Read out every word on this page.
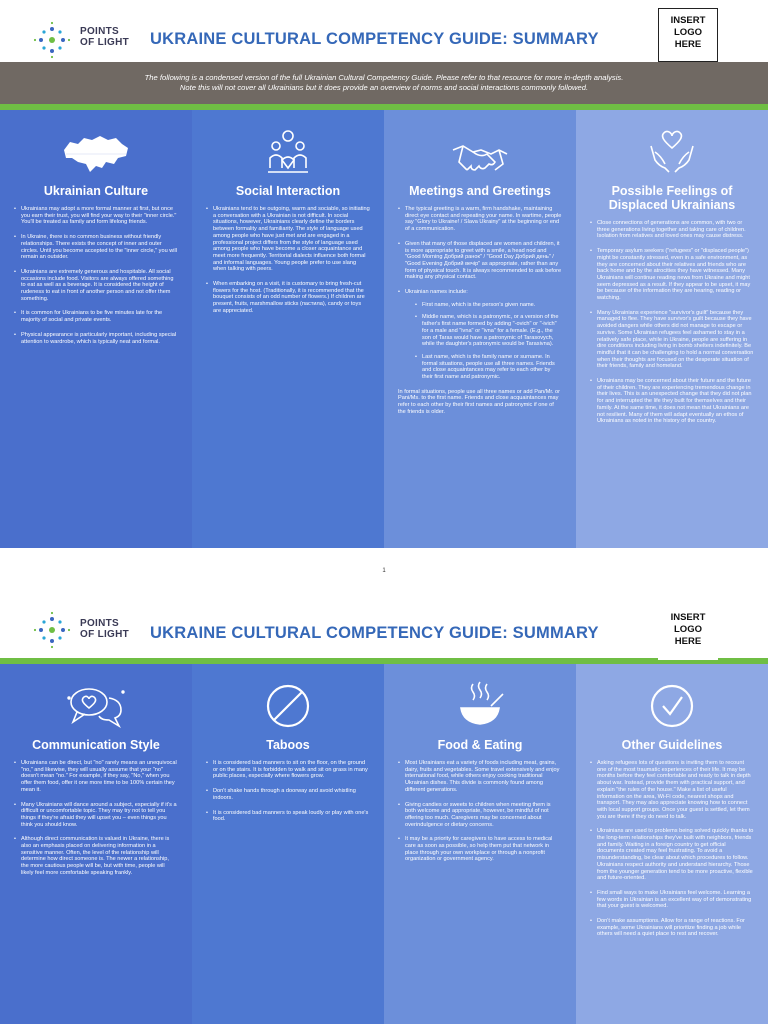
POINTS
OF LIGHT UKRAINE CULTURAL COMPETENCY GUIDE: SUMMARY
INSERT
LOGO
HERE

The following is a condensed version of the full Ukrainian Cultural Competency Guide. Please refer to that resource for more in-depth analysis.

Note this will not cover all Ukrainians but it does provide an overview of norms and social interactions commonly followed.

Ukrainian Culture
• Ukrainians may adopt a more formal manner at first, but once you earn their trust, you will find your way to their "inner circle." You'll be treated as family and form lifelong friends.
• In Ukraine, there is no common business without friendly relationships. There exists the concept of inner and outer circles. Until you become accepted to the "inner circle," you will remain an outsider.
• Ukrainians are extremely generous and hospitable. All social occasions include food. Visitors are always offered something to eat as well as a beverage. It is considered the height of rudeness to eat in front of another person and not offer them something.
• It is common for Ukrainians to be five minutes late for the majority of social and private events.
• Physical appearance is particularly important, including special attention to wardrobe, which is typically neat and formal.
Social Interaction
• Ukrainians tend to be outgoing, warm and sociable, so initiating a conversation with a Ukrainian is not difficult. In social situations, however, Ukrainians clearly define the borders between formality and familiarity. The style of language used among people who have just met and are engaged in a professional project differs from the style of language used among people who have become a closer acquaintance and meet more frequently. Territorial dialects influence both formal and informal languages. Young people prefer to use slang when talking with peers.
• When embarking on a visit, it is customary to bring fresh-cut flowers for the host. (Traditionally, it is recommended that the bouquet consists of an odd number of flowers.) If children are present, fruits, marshmallow sticks (пастила), candy or toys are appreciated.
Meetings and Greetings
• The typical greeting is a warm, firm handshake, maintaining direct eye contact and repeating your name. In wartime, people say "Glory to Ukraine! / Slava Ukrainy" at the beginning or end of a communication.
• Given that many of those displaced are women and children, it is more appropriate to greet with a smile, a head nod and "Good Morning Добрий ранок" / "Good Day Добрий день" / "Good Evening Добрий вечір" as appropriate, rather than any form of physical touch. It is always recommended to ask before making any physical contact.
• Ukrainian names include:
• First name, which is the person's given name.
• Middle name, which is a patronymic, or a version of the father's first name formed by adding "-ovich" or "-ivich" for a male and "ivna" or "ivna" for a female. (E.g., the son of Taras would have a patronymic of Tarasovych, while the daughter's patronymic would be Tarasivna).
• Last name, which is the family name or surname. In formal situations, people use all three names. Friends and close acquaintances may refer to each other by their first name and patronymic.

In formal situations, people use all three names or add Pan/Mr. or Pani/Ms. to the first name. Friends and close acquaintances may refer to each other by their first names and patronymic if one of the friends is older.

Possible Feelings of Displaced Ukrainians
• Close connections of generations are common, with two or three generations living together and taking care of children. Isolation from relatives and loved ones may cause distress.
• Temporary asylum seekers ("refugees" or "displaced people") might be constantly stressed, even in a safe environment, as they are concerned about their relatives and friends who are back home and by the atrocities they have witnessed. Many Ukrainians will continue reading news from Ukraine and might seem depressed as a result. If they appear to be upset, it may be because of the information they are hearing, reading or watching.
• Many Ukrainians experience "survivor's guilt" because they managed to flee. They have survivor's guilt because they have avoided dangers while others did not manage to escape or survive. Some Ukrainian refugees feel ashamed to stay in a relatively safe place, while in Ukraine, people are suffering in dire conditions including living in bomb shelters indefinitely. Be mindful that it can be challenging to hold a normal conversation when their thoughts are focused on the desperate situation of their friends, family and homeland.
• Ukrainians may be concerned about their future and the future of their children. They are experiencing tremendous change in their lives. This is an unexpected change that they did not plan for and interrupted the life they built for themselves and their family. At the same time, it does not mean that Ukrainians are not resilient. Many of them will adapt eventually an ethos of Ukrainians as noted in the history of the country.
1
POINTS
OF LIGHT UKRAINE CULTURAL COMPETENCY GUIDE: SUMMARY
INSERT
LOGO
HERE
Communication Style
• Ukrainians can be direct, but "no" rarely means an unequivocal "no," and likewise, they will usually assume that your "no" doesn't mean "no." For example, if they say, "No," when you offer them food, offer it one more time to be 100% certain they mean it.
• Many Ukrainians will dance around a subject, especially if it's a difficult or uncomfortable topic. They may try not to tell you things if they're afraid they will upset you – even things you think you should know.
• Although direct communication is valued in Ukraine, there is also an emphasis placed on delivering information in a sensitive manner. Often, the level of the relationship will determine how direct someone is. The newer a relationship, the more cautious people will be, but with time, people will likely feel more comfortable speaking frankly.
Taboos
• It is considered bad manners to sit on the floor, on the ground or on the stairs. It is forbidden to walk and sit on grass in many public places, especially where flowers grow.
• Don't shake hands through a doorway and avoid whistling indoors.
• It is considered bad manners to speak loudly or play with one's food.
Food & Eating
• Most Ukrainians eat a variety of foods including meat, grains, dairy, fruits and vegetables. Some travel extensively and enjoy international food, while others enjoy cooking traditional Ukrainian dishes. This divide is commonly found among different generations.
• Giving candies or sweets to children when meeting them is both welcome and appropriate, however, be mindful of not offering too much. Caregivers may be concerned about overindulgence or dietary concerns.
• It may be a priority for caregivers to have access to medical care as soon as possible, so help them put that network in place through your own workplace or through a nonprofit organization or government agency.
Other Guidelines
• Asking refugees lots of questions is inviting them to recount one of the most traumatic experiences of their life. It may be months before they feel comfortable and ready to talk in depth about war. Instead, provide them with practical support, and explain "the rules of the house." Make a list of useful information on the area, Wi-Fi code, nearest shops and transport. They may also appreciate knowing how to connect with local support groups. Once your guest is settled, let them you are there if they do need to talk.
• Ukrainians are used to problems being solved quickly thanks to the long-term relationships they've built with neighbors, friends and family. Waiting in a foreign country to get official documents created may feel frustrating. To avoid a misunderstanding, be clear about which procedures to follow. Ukrainians respect authority and understand hierarchy. Those from the younger generation tend to be more proactive, flexible and future-oriented.
• Find small ways to make Ukrainians feel welcome. Learning a few words in Ukrainian is an excellent way of of demonstrating that your guest is welcomed.
• Don't make assumptions. Allow for a range of reactions. For example, some Ukrainians will prioritize finding a job while others will need a quiet place to rest and recover.
